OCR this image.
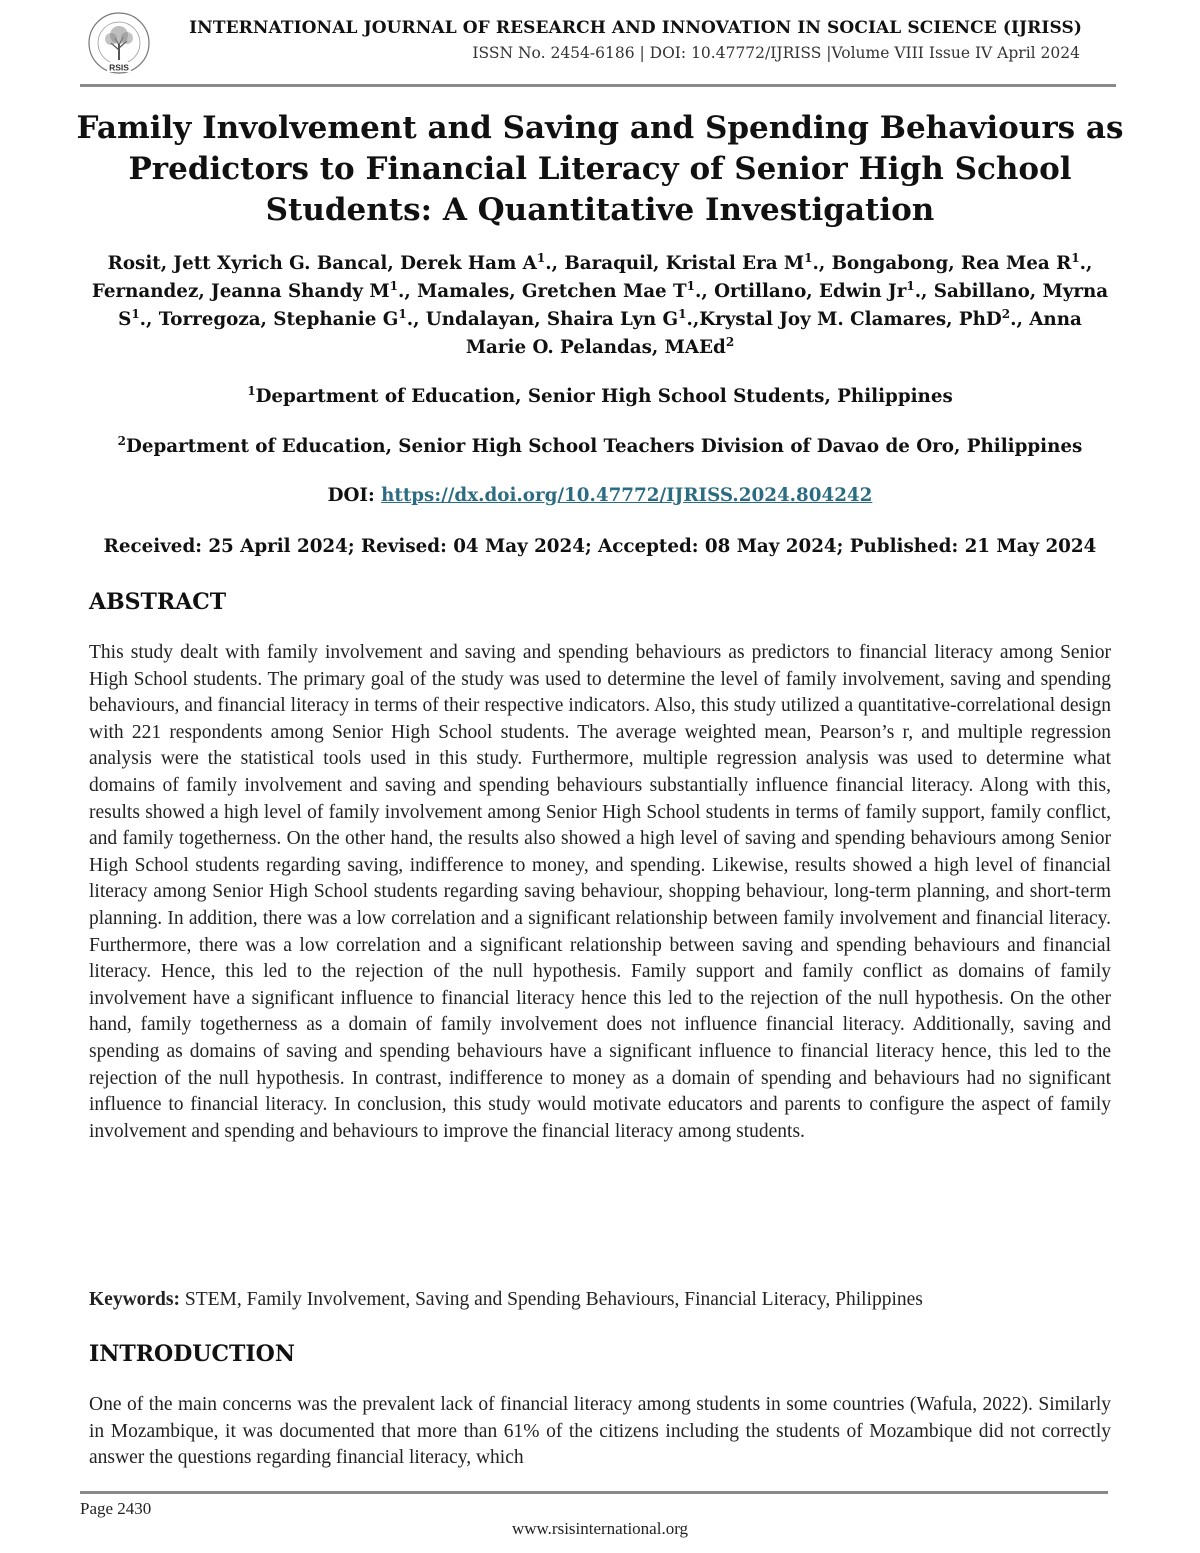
RSIS
INTERNATIONAL JOURNAL OF RESEARCH AND INNOVATION IN SOCIAL SCIENCE (IJRISS)
ISSN No. 2454-6186 | DOI: 10.47772/IJRISS |Volume VIII Issue IV April 2024
Family Involvement and Saving and Spending Behaviours as Predictors to Financial Literacy of Senior High School Students: A Quantitative Investigation
Rosit, Jett Xyrich G. Bancal, Derek Ham $A^1$., Baraquil, Kristal Era $M^1$., Bongabong, Rea Mea $R^1$., Fernandez, Jeanna Shandy $M^1$., Mamales, Gretchen Mae $T^1$., Ortillano, Edwin Jr$^1$., Sabillano, Myrna $S^1$., Torregoza, Stephanie $G^1$., Undalayan, Shaira Lyn $G^1.,Krystal$ Joy M. Clamares, PhD$^2$., Anna Marie O. Pelandas, MAEd$^2$
$^1$Department of Education, Senior High School Students, Philippines
$^2$Department of Education, Senior High School Teachers Division of Davao de Oro, Philippines
DOI: https://dx.doi.org/10.47772/IJRISS.2024.804242
Received: 25 April 2024; Revised: 04 May 2024; Accepted: 08 May 2024; Published: 21 May 2024
ABSTRACT
This study dealt with family involvement and saving and spending behaviours as predictors to financial literacy among Senior High School students. The primary goal of the study was used to determine the level of family involvement, saving and spending behaviours, and financial literacy in terms of their respective indicators. Also, this study utilized a quantitative-correlational design with 221 respondents among Senior High School students. The average weighted mean, Pearson’s r, and multiple regression analysis were the statistical tools used in this study. Furthermore, multiple regression analysis was used to determine what domains of family involvement and saving and spending behaviours substantially influence financial literacy. Along with this, results showed a high level of family involvement among Senior High School students in terms of family support, family conflict, and family togetherness. On the other hand, the results also showed a high level of saving and spending behaviours among Senior High School students regarding saving, indifference to money, and spending. Likewise, results showed a high level of financial literacy among Senior High School students regarding saving behaviour, shopping behaviour, long-term planning, and short-term planning. In addition, there was a low correlation and a significant relationship between family involvement and financial literacy. Furthermore, there was a low correlation and a significant relationship between saving and spending behaviours and financial literacy. Hence, this led to the rejection of the null hypothesis. Family support and family conflict as domains of family involvement have a significant influence to financial literacy hence this led to the rejection of the null hypothesis. On the other hand, family togetherness as a domain of family involvement does not influence financial literacy. Additionally, saving and spending as domains of saving and spending behaviours have a significant influence to financial literacy hence, this led to the rejection of the null hypothesis. In contrast, indifference to money as a domain of spending and behaviours had no significant influence to financial literacy. In conclusion, this study would motivate educators and parents to configure the aspect of family involvement and spending and behaviours to improve the financial literacy among students.
Keywords: STEM, Family Involvement, Saving and Spending Behaviours, Financial Literacy, Philippines
INTRODUCTION
One of the main concerns was the prevalent lack of financial literacy among students in some countries (Wafula, 2022). Similarly in Mozambique, it was documented that more than 61% of the citizens including the students of Mozambique did not correctly answer the questions regarding financial literacy, which
Page 2430
www.rsisinternational.org
